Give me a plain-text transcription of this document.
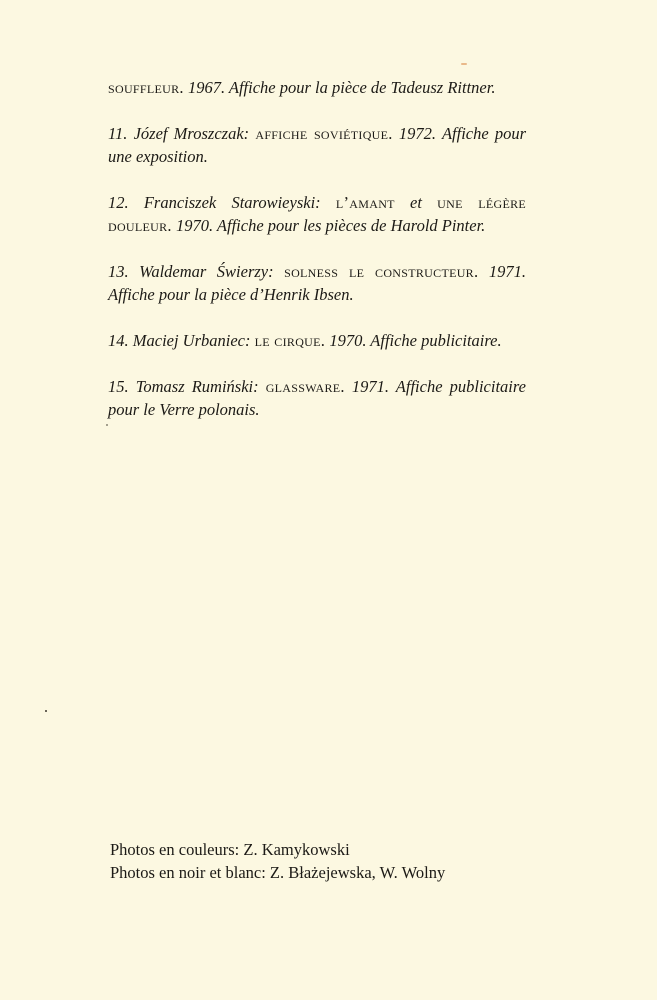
souffleur. 1967. Affiche pour la pièce de Tadeusz Rittner.

11. Józef Mroszczak: affiche soviétique. 1972. Affiche pour une exposition.

12. Franciszek Starowieyski: l’amant et une légère douleur. 1970. Affiche pour les pièces de Harold Pinter.

13. Waldemar Świerzy: solness le constructeur. 1971. Affiche pour la pièce d’Henrik Ibsen.

14. Maciej Urbaniec: le cirque. 1970. Affiche publicitaire.

15. Tomasz Rumiński: glassware. 1971. Affiche publicitaire pour le Verre polonais.

Photos en couleurs: Z. Kamykowski
Photos en noir et blanc: Z. Błażejewska, W. Wolny
